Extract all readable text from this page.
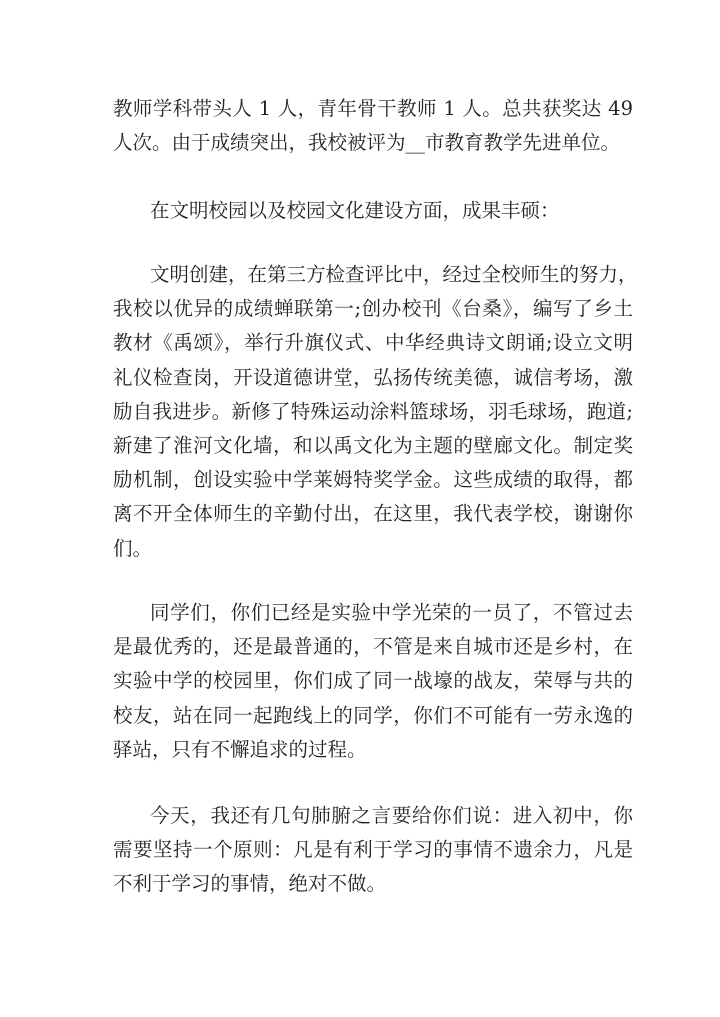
教师学科带头人 1 人，青年骨干教师 1 人。总共获奖达 49
人次。由于成绩突出，我校被评为__市教育教学先进单位。
在文明校园以及校园文化建设方面，成果丰硕：
文明创建，在第三方检查评比中，经过全校师生的努力，
我校以优异的成绩蝉联第一;创办校刊《台桑》，编写了乡土
教材《禹颂》，举行升旗仪式、中华经典诗文朗诵;设立文明
礼仪检查岗，开设道德讲堂，弘扬传统美德，诚信考场，激
励自我进步。新修了特殊运动涂料篮球场，羽毛球场，跑道;
新建了淮河文化墙，和以禹文化为主题的壁廊文化。制定奖
励机制，创设实验中学莱姆特奖学金。这些成绩的取得，都
离不开全体师生的辛勤付出，在这里，我代表学校，谢谢你
们。
同学们，你们已经是实验中学光荣的一员了，不管过去
是最优秀的，还是最普通的，不管是来自城市还是乡村，在
实验中学的校园里，你们成了同一战壕的战友，荣辱与共的
校友，站在同一起跑线上的同学，你们不可能有一劳永逸的
驿站，只有不懈追求的过程。
今天，我还有几句肺腑之言要给你们说：进入初中，你
需要坚持一个原则：凡是有利于学习的事情不遗余力，凡是
不利于学习的事情，绝对不做。
